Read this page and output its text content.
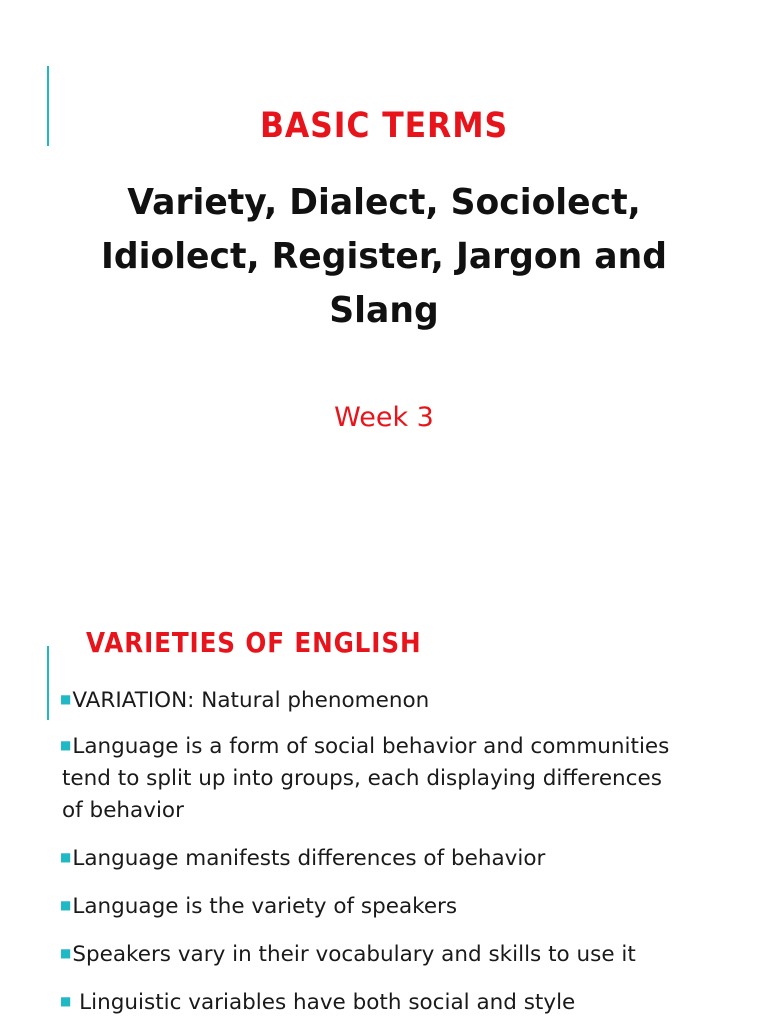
BASIC TERMS
Variety, Dialect, Sociolect,
Idiolect, Register, Jargon and
Slang
Week 3
VARIETIES OF ENGLISH
■VARIATION: Natural phenomenon
■Language is a form of social behavior and communities
tend to split up into groups, each displaying differences
of behavior
■Language manifests differences of behavior
■Language is the variety of speakers
■Speakers vary in their vocabulary and skills to use it
■ Linguistic variables have both social and style
